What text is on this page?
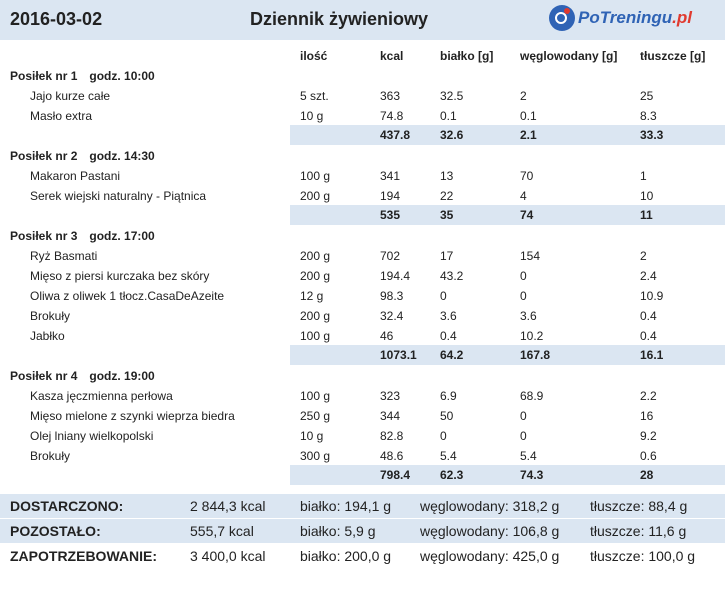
2016-03-02	Dziennik żywieniowy	PoTreningu.pl
ilość	kcal	białko [g] węglowodany [g] tłuszcze [g]
Posiłek nr 1 godz. 10:00
Jajo kurze całe	5 szt.	363	32.5	2	25
Masło extra	10 g	74.8	0.1	0.1	8.3
437.8 32.6	2.1	33.3
Posiłek nr 2 godz. 14:30
Makaron Pastani	100 g	341	13	70	1
Serek wiejski naturalny - Piątnica	200 g	194	22	4	10
535	35	74	11
Posiłek nr 3 godz. 17:00
Ryż Basmati	200 g	702	17	154	2
Mięso z piersi kurczaka bez skóry	200 g	194.4 43.2	0	2.4
Oliwa z oliwek 1 tłocz.CasaDeAzeite	12 g	98.3	0	0	10.9
Brokuły	200 g	32.4	3.6	3.6	0.4
Jabłko	100 g	46	0.4	10.2	0.4
1073.1 64.2	167.8	16.1
Posiłek nr 4 godz. 19:00
Kasza jęczmienna perłowa	100 g	323	6.9	68.9	2.2
Mięso mielone z szynki wieprza biedra	250 g	344	50	0	16
Olej lniany wielkopolski	10 g	82.8	0	0	9.2
Brokuły	300 g	48.6	5.4	5.4	0.6
798.4 62.3	74.3	28
DOSTARCZONO:	2 844,3 kcal białko: 194,1 g węglowodany: 318,2 g tłuszcze: 88,4 g
POZOSTAŁO:	555,7 kcal	białko: 5,9 g	węglowodany: 106,8 g tłuszcze: 11,6 g
ZAPOTRZEBOWANIE: 3 400,0 kcal białko: 200,0 g węglowodany: 425,0 g tłuszcze: 100,0 g
